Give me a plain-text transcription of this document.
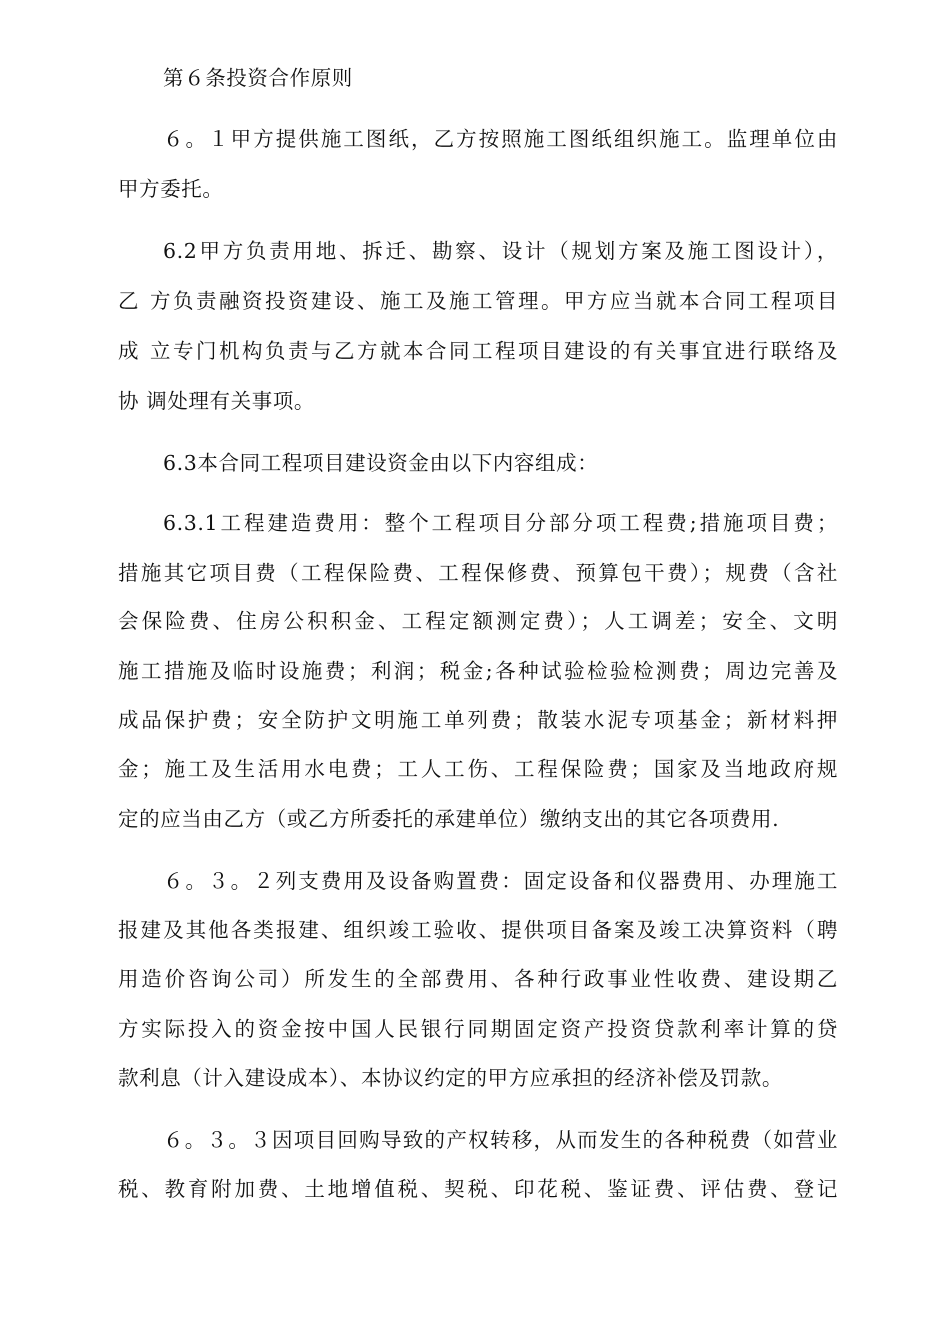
第６条投资合作原则
６。１甲方提供施工图纸，乙方按照施工图纸组织施工。监理单位由
甲方委托。
6.2甲方负责用地、拆迁、勘察、设计（规划方案及施工图设计），
乙 方负责融资投资建设、施工及施工管理。甲方应当就本合同工程项目
成 立专门机构负责与乙方就本合同工程项目建设的有关事宜进行联络及
协 调处理有关事项。
6.3本合同工程项目建设资金由以下内容组成：
6.3.1工程建造费用：整个工程项目分部分项工程费;措施项目费；
措施其它项目费（工程保险费、工程保修费、预算包干费）；规费（含社
会保险费、住房公积积金、工程定额测定费）；人工调差；安全、文明
施工措施及临时设施费；利润；税金;各种试验检验检测费；周边完善及
成品保护费；安全防护文明施工单列费；散装水泥专项基金；新材料押
金；施工及生活用水电费；工人工伤、工程保险费；国家及当地政府规
定的应当由乙方（或乙方所委托的承建单位）缴纳支出的其它各项费用.
６。３。２列支费用及设备购置费：固定设备和仪器费用、办理施工
报建及其他各类报建、组织竣工验收、提供项目备案及竣工决算资料（聘
用造价咨询公司）所发生的全部费用、各种行政事业性收费、建设期乙
方实际投入的资金按中国人民银行同期固定资产投资贷款利率计算的贷
款利息（计入建设成本）、本协议约定的甲方应承担的经济补偿及罚款。
６。３。３因项目回购导致的产权转移，从而发生的各种税费（如营业
税、教育附加费、土地增值税、契税、印花税、鉴证费、评估费、登记
